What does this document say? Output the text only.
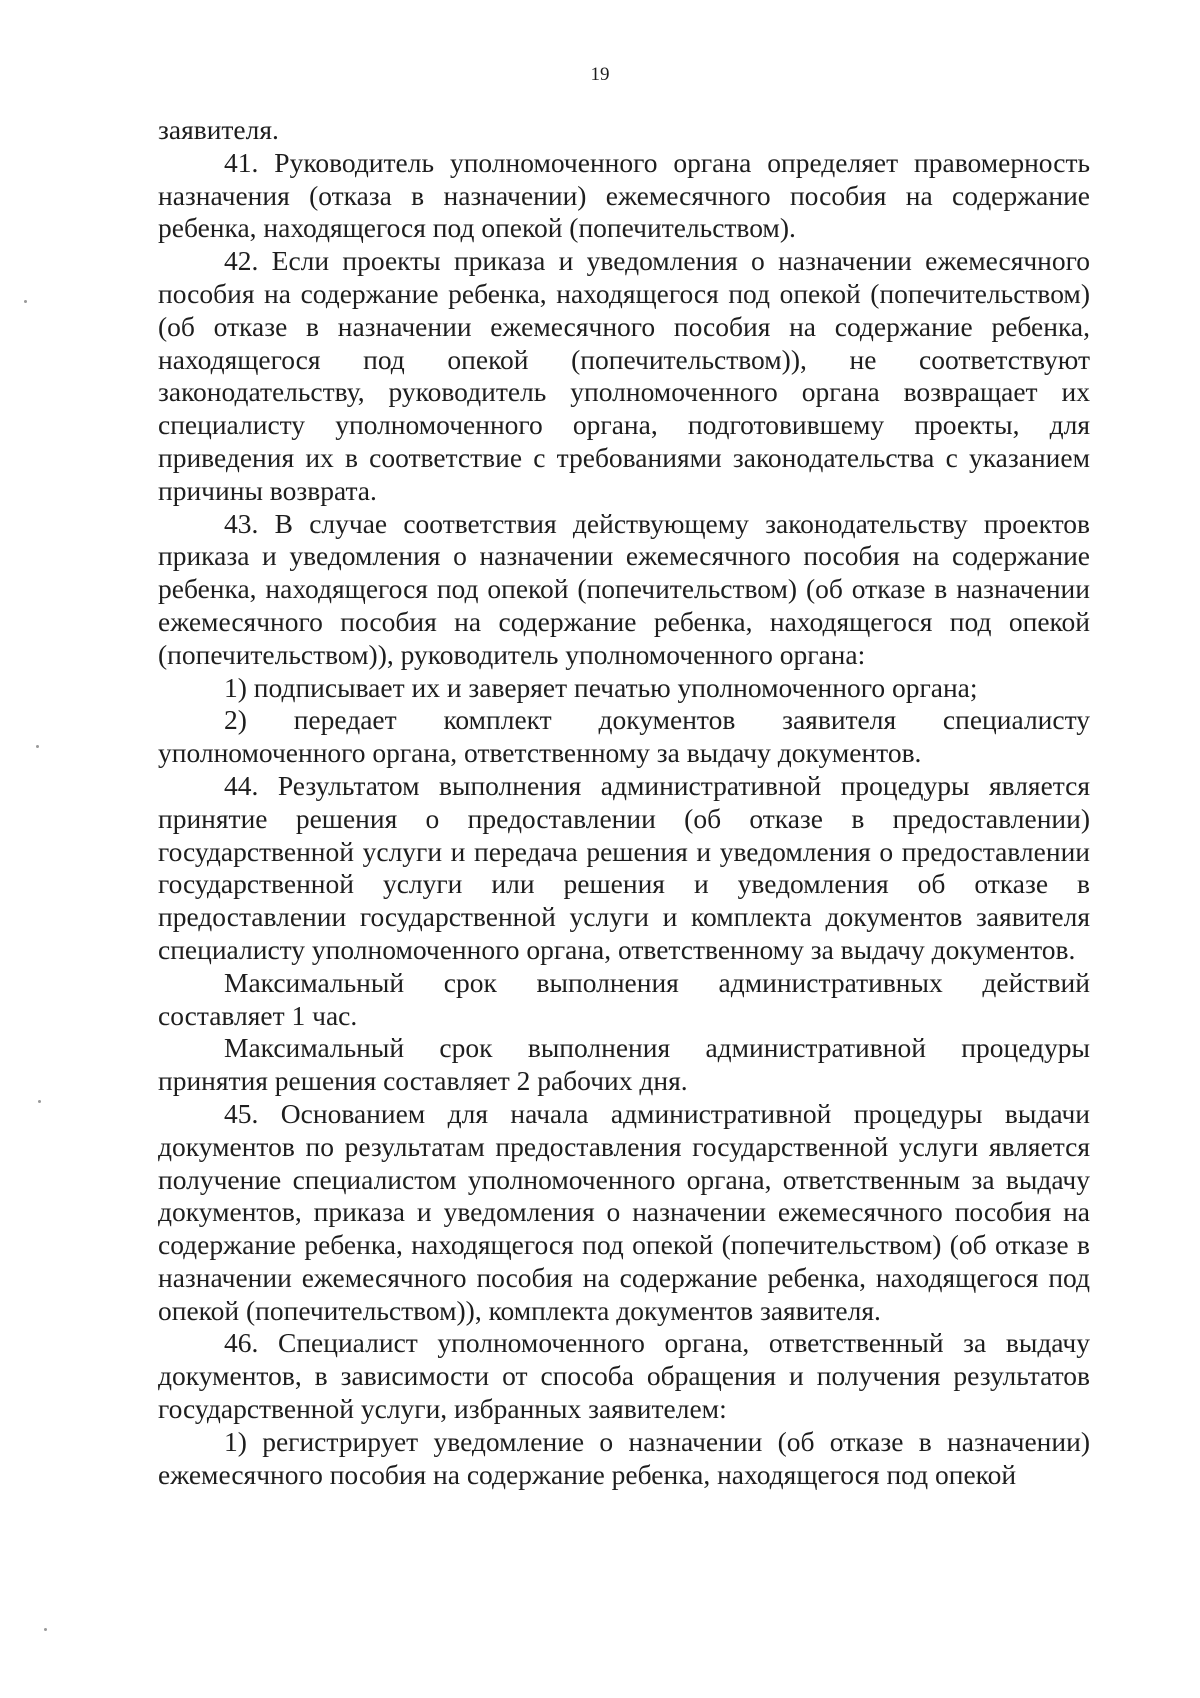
19

заявителя.

41. Руководитель уполномоченного органа определяет правомерность назначения (отказа в назначении) ежемесячного пособия на содержание ребенка, находящегося под опекой (попечительством).

42. Если проекты приказа и уведомления о назначении ежемесячного пособия на содержание ребенка, находящегося под опекой (попечительством) (об отказе в назначении ежемесячного пособия на содержание ребенка, находящегося под опекой (попечительством)), не соответствуют законодательству, руководитель уполномоченного органа возвращает их специалисту уполномоченного органа, подготовившему проекты, для приведения их в соответствие с требованиями законодательства с указанием причины возврата.

43. В случае соответствия действующему законодательству проектов приказа и уведомления о назначении ежемесячного пособия на содержание ребенка, находящегося под опекой (попечительством) (об отказе в назначении ежемесячного пособия на содержание ребенка, находящегося под опекой (попечительством)), руководитель уполномоченного органа:

1) подписывает их и заверяет печатью уполномоченного органа;

2) передает комплект документов заявителя специалисту уполномоченного органа, ответственному за выдачу документов.

44. Результатом выполнения административной процедуры является принятие решения о предоставлении (об отказе в предоставлении) государственной услуги и передача решения и уведомления о предоставлении государственной услуги или решения и уведомления об отказе в предоставлении государственной услуги и комплекта документов заявителя специалисту уполномоченного органа, ответственному за выдачу документов.

Максимальный срок выполнения административных действий составляет 1 час.

Максимальный срок выполнения административной процедуры принятия решения составляет 2 рабочих дня.

45. Основанием для начала административной процедуры выдачи документов по результатам предоставления государственной услуги является получение специалистом уполномоченного органа, ответственным за выдачу документов, приказа и уведомления о назначении ежемесячного пособия на содержание ребенка, находящегося под опекой (попечительством) (об отказе в назначении ежемесячного пособия на содержание ребенка, находящегося под опекой (попечительством)), комплекта документов заявителя.

46. Специалист уполномоченного органа, ответственный за выдачу документов, в зависимости от способа обращения и получения результатов государственной услуги, избранных заявителем:

1) регистрирует уведомление о назначении (об отказе в назначении) ежемесячного пособия на содержание ребенка, находящегося под опекой
